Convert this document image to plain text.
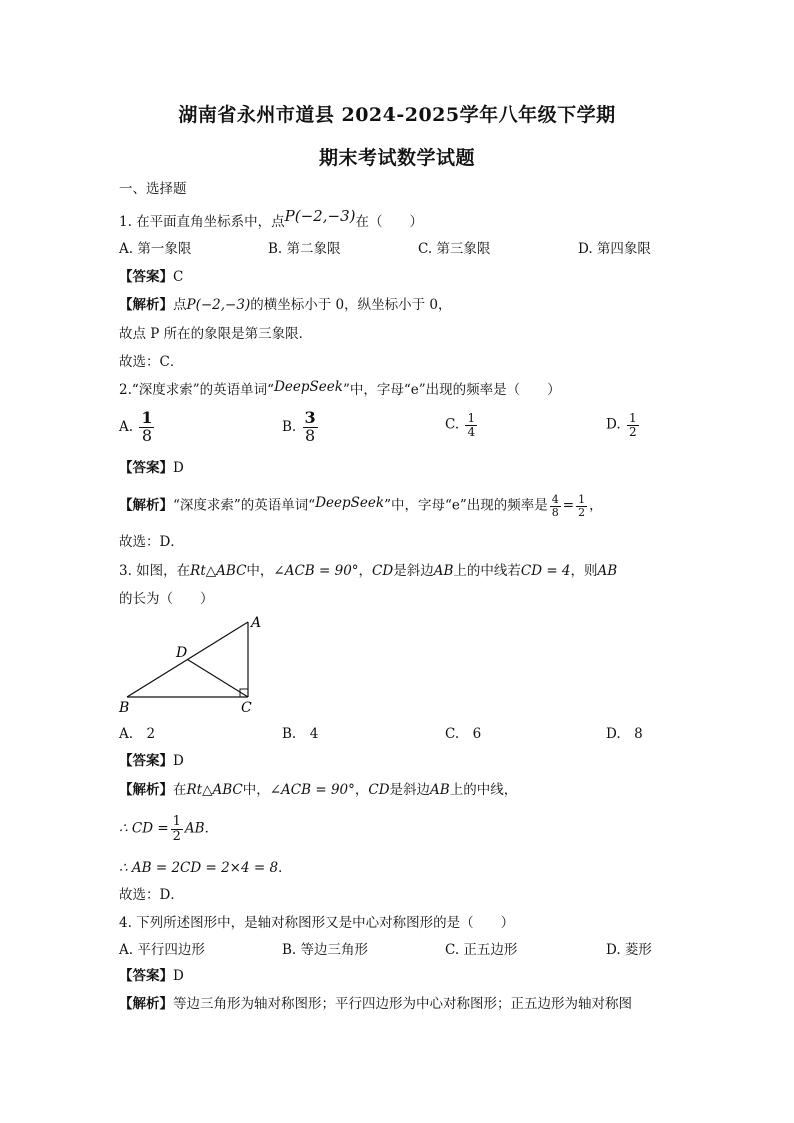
湖南省永州市道县 2024-2025学年八年级下学期
期末考试数学试题
一、选择题
1. 在平面直角坐标系中，点P(−2,−3)在（　　）
A. 第一象限	B. 第二象限	C. 第三象限	D. 第四象限
【答案】C
【解析】点P(−2,−3)的横坐标小于 0，纵坐标小于 0，
故点 P 所在的象限是第三象限．
故选：C．
2.“深度求索”的英语单词“DeepSeek”中，字母“e”出现的频率是（　　）
A. $\frac{1}{8}$	B. $\frac{3}{8}$	C. $\frac{1}{4}$	D. $\frac{1}{2}$
【答案】D
【解析】“深度求索”的英语单词“DeepSeek”中，字母“e”出现的频率是 $\frac{4}{8} = \frac{1}{2}$ ，
故选：D．
3. 如图，在Rt△ABC中，∠ACB = 90°，CD是斜边AB上的中线若CD = 4，则AB
的长为（　　）
A
B	C
D
A.　2	B.　4	C.　6	D.　8
【答案】D
【解析】在Rt△ABC中，∠ACB = 90°，CD是斜边AB上的中线，
∴ CD = $\frac{1}{2}$ AB．
∴ AB = 2CD = 2×4 = 8．
故选：D．
4. 下列所述图形中，是轴对称图形又是中心对称图形的是（　　）
A. 平行四边形	B. 等边三角形	C. 正五边形	D. 菱形
【答案】D
【解析】等边三角形为轴对称图形；平行四边形为中心对称图形；正五边形为轴对称图
